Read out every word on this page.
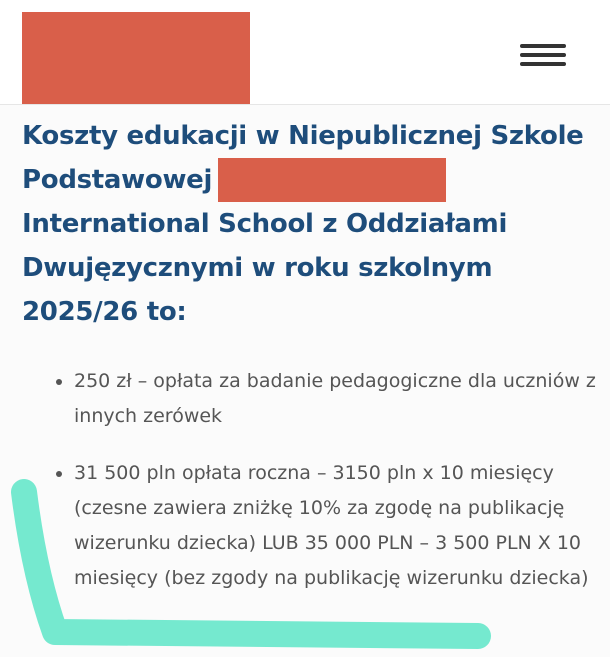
Koszty edukacji w Niepublicznej Szkole Podstawowej International School z Oddziałami Dwujęzycznymi w roku szkolnym 2025/26 to:
• 250 zł – opłata za badanie pedagogiczne dla uczniów z innych zerówek
• 31 500 pln opłata roczna – 3150 pln x 10 miesięcy (czesne zawiera zniżkę 10% za zgodę na publikację wizerunku dziecka) LUB 35 000 PLN – 3 500 PLN X 10 miesięcy (bez zgody na publikację wizerunku dziecka)
